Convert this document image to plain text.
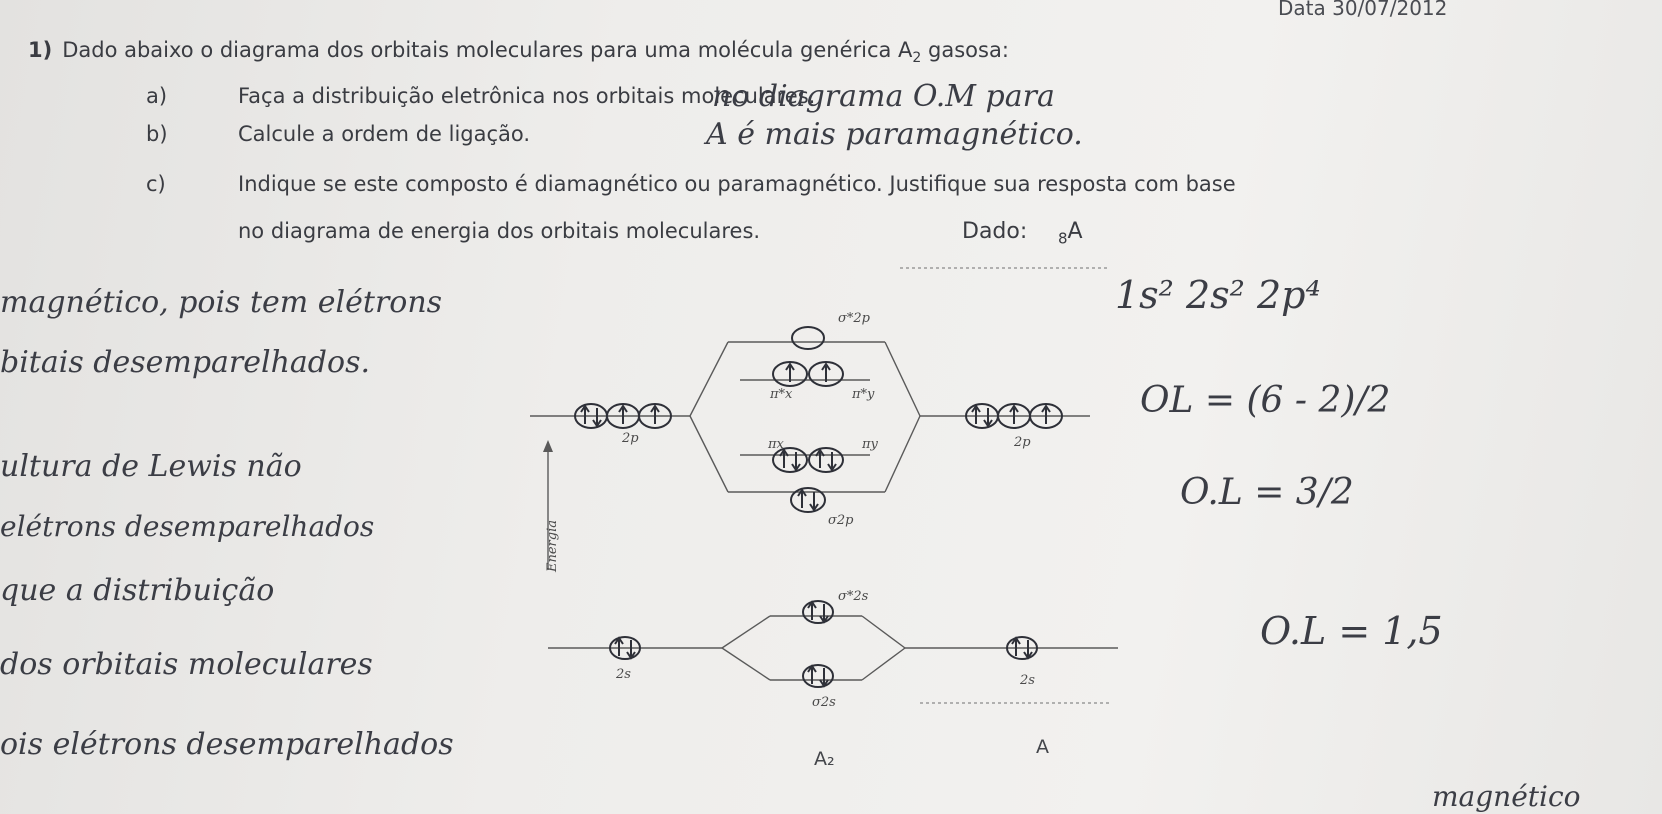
Data 30/07/2012
1) Dado abaixo o diagrama dos orbitais moleculares para uma molécula genérica $A_2$ gasosa:
a)	Faça a distribuição eletrônica nos orbitais moleculares.
b)	Calcule a ordem de ligação.
c)	Indique se este composto é diamagnético ou paramagnético. Justifique sua resposta com base
no diagrama de energia dos orbitais moleculares.	Dado: $_8$A
σ*2p
π*x	π*y
πx	πy
σ2p
σ*2s
σ2s
2p	2p
2s	2s
Energia
no diagrama O.M para
A é mais paramagnético.
1s² 2s² 2p⁴
OL = (6 - 2)/2
O.L = 3/2
O.L = 1,5
magnético, pois tem elétrons
bitais desemparelhados.
ultura de Lewis não
elétrons desemparelhados
que a distribuição
dos orbitais moleculares
ois elétrons desemparelhados
magnético
A₂
A
